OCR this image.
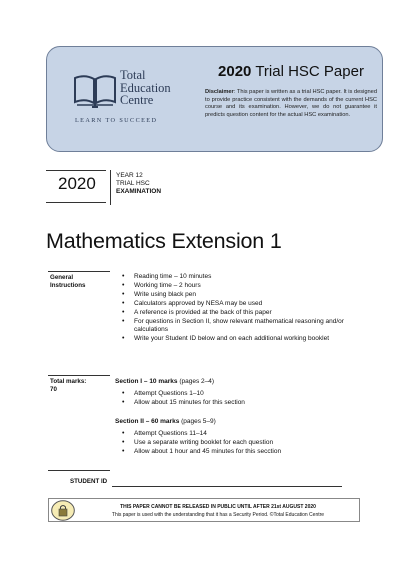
Total
Education
Centre
LEARN TO SUCCEED
2020 Trial HSC Paper
Disclaimer: This paper is written as a trial HSC paper. It is designed to provide practice consistent with the demands of the current HSC course and its examination. However, we do not guarantee it predicts question content for the actual HSC examination.
2020	YEAR 12
TRIAL HSC
EXAMINATION
Mathematics Extension 1
General
Instructions
• Reading time – 10 minutes
• Working time – 2 hours
• Write using black pen
• Calculators approved by NESA may be used
• A reference is provided at the back of this paper
• For questions in Section II, show relevant mathematical reasoning and/or calculations
• Write your Student ID below and on each additional working booklet
Total marks:
70
Section I – 10 marks (pages 2–4)
• Attempt Questions 1–10
• Allow about 15 minutes for this section
Section II – 60 marks (pages 5–9)
• Attempt Questions 11–14
• Use a separate writing booklet for each question
• Allow about 1 hour and 45 minutes for this secction
STUDENT ID
THIS PAPER CANNOT BE RELEASED IN PUBLIC UNTIL AFTER 21st AUGUST 2020
This paper is used with the understanding that it has a Security Period. ©Total Education Centre
